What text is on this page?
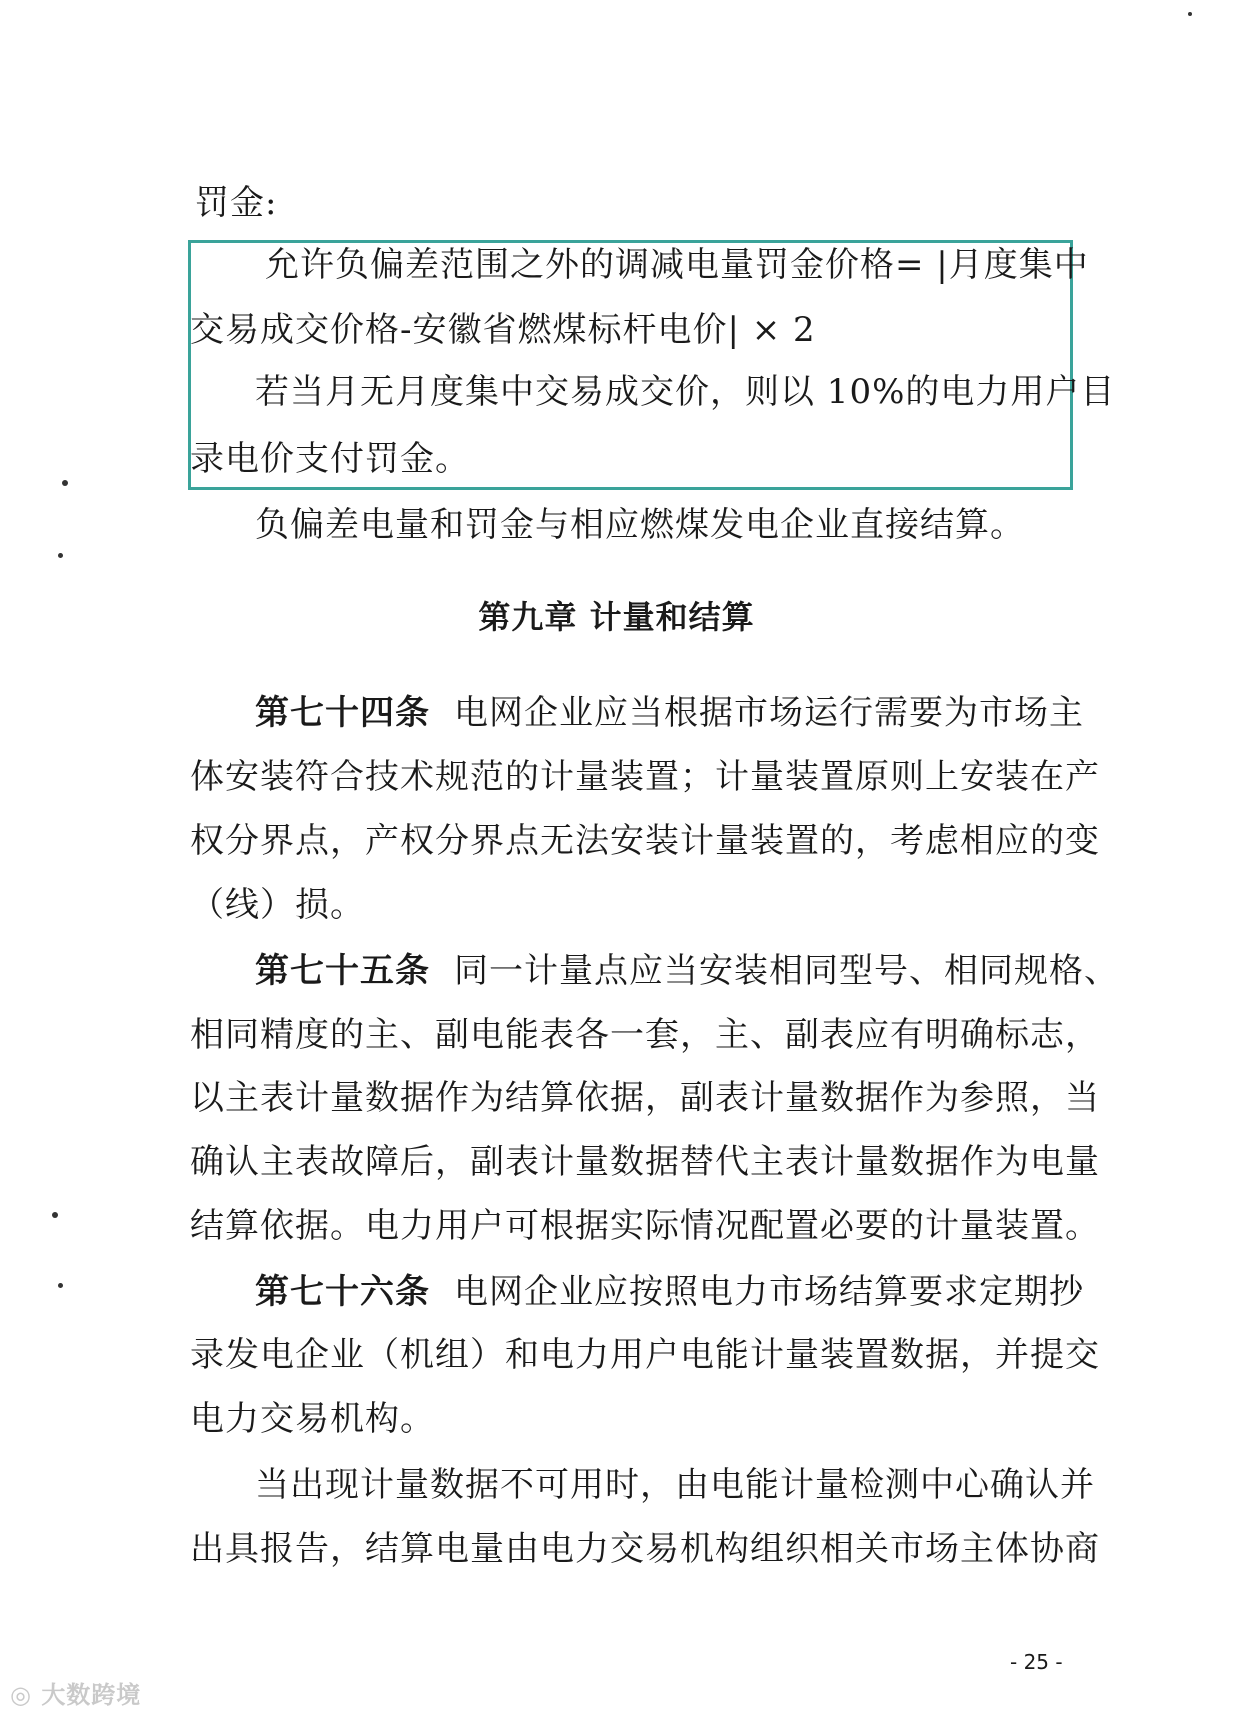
罚金:
允许负偏差范围之外的调减电量罚金价格= |月度集中
交易成交价格-安徽省燃煤标杆电价| × 2
若当月无月度集中交易成交价，则以 10%的电力用户目
录电价支付罚金。
负偏差电量和罚金与相应燃煤发电企业直接结算。
第九章 计量和结算
第七十四条 电网企业应当根据市场运行需要为市场主
体安装符合技术规范的计量装置；计量装置原则上安装在产
权分界点，产权分界点无法安装计量装置的，考虑相应的变
（线）损。
第七十五条 同一计量点应当安装相同型号、相同规格、
相同精度的主、副电能表各一套，主、副表应有明确标志，
以主表计量数据作为结算依据，副表计量数据作为参照，当
确认主表故障后，副表计量数据替代主表计量数据作为电量
结算依据。电力用户可根据实际情况配置必要的计量装置。
第七十六条 电网企业应按照电力市场结算要求定期抄
录发电企业（机组）和电力用户电能计量装置数据，并提交
电力交易机构。
当出现计量数据不可用时，由电能计量检测中心确认并
出具报告，结算电量由电力交易机构组织相关市场主体协商
- 25 -
◎ 大数跨境
